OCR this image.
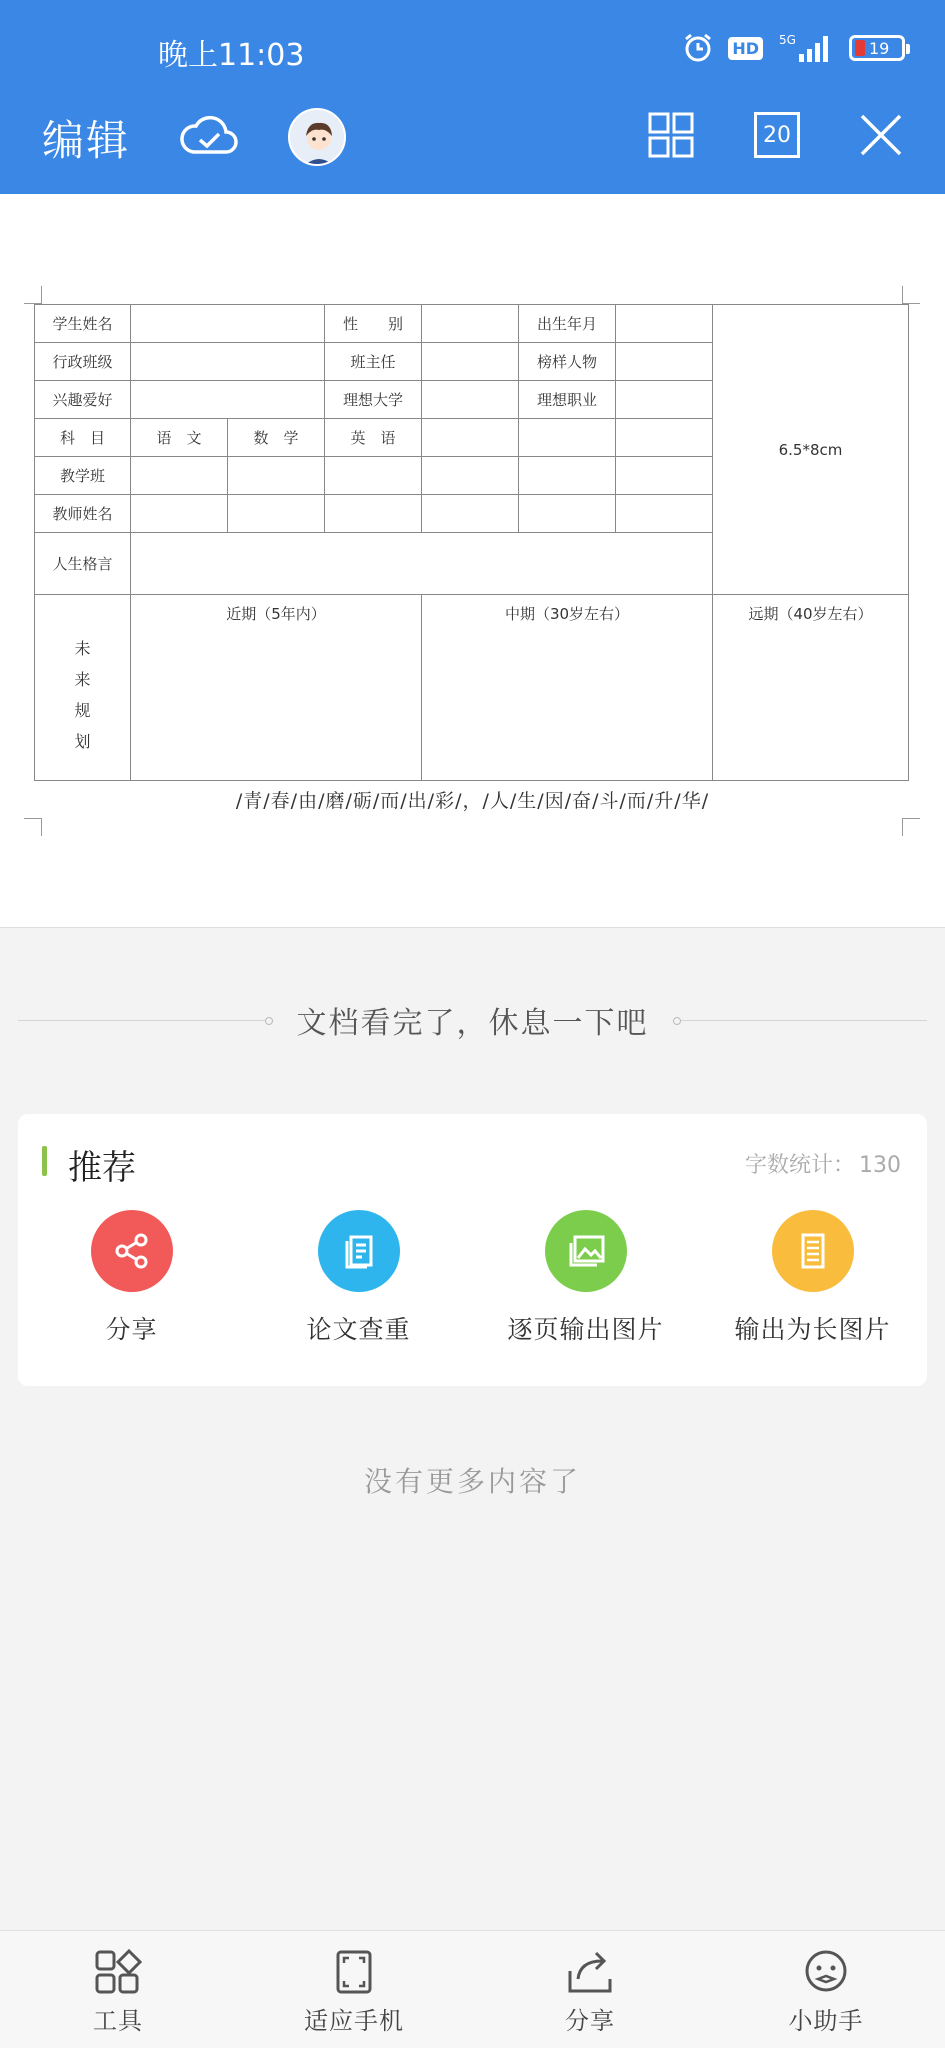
晚上11:03	HD	5G	19
编辑	20
学生姓名			性　　别		出生年月		6.5*8cm
行政班级			班主任		榜样人物		
兴趣爱好			理想大学		理想职业		
科　目	语　文	数　学	英　语				
教学班							
教师姓名							
人生格言							
未来规划	近期（5年内）			中期（30岁左右）			远期（40岁左右）
/青/春/由/磨/砺/而/出/彩/，/人/生/因/奋/斗/而/升/华/
文档看完了，休息一下吧
推荐	字数统计： 130
分享	论文查重	逐页输出图片	输出为长图片
没有更多内容了
工具	适应手机	分享	小助手
